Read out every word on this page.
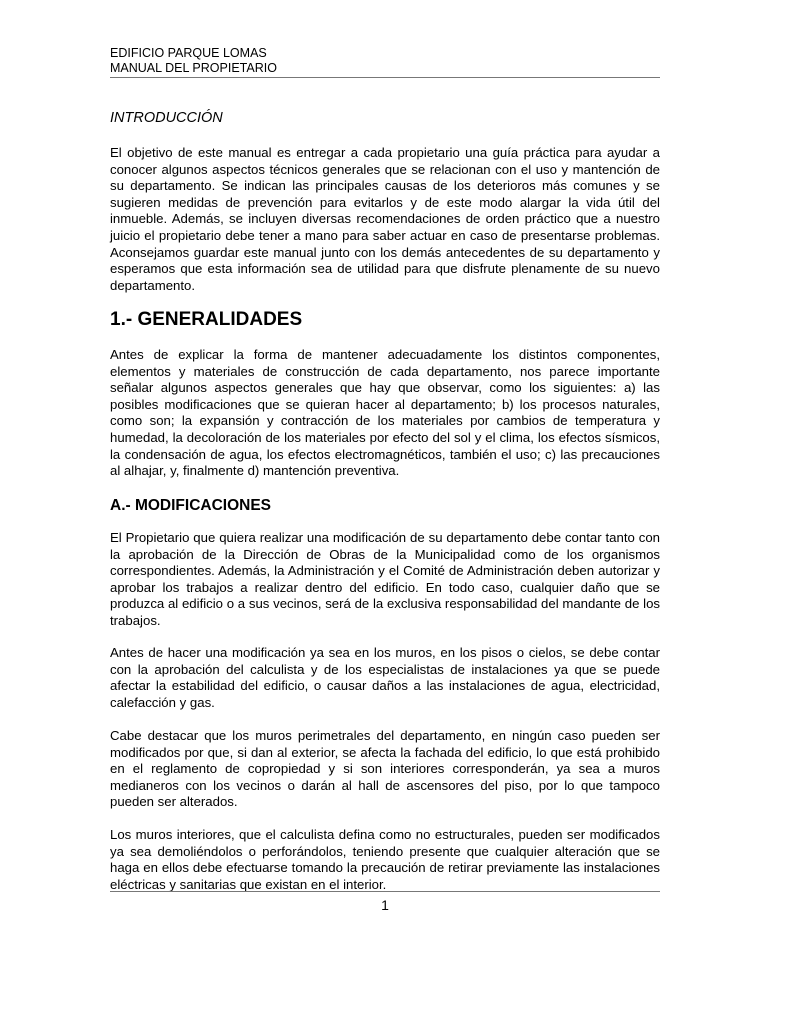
EDIFICIO PARQUE LOMAS
MANUAL DEL PROPIETARIO
INTRODUCCIÓN
El objetivo de este manual es entregar a cada propietario una guía práctica para ayudar a conocer algunos aspectos técnicos generales que se relacionan con el uso y mantención de su departamento. Se indican las principales causas de los deterioros más comunes y se sugieren medidas de prevención para evitarlos y de este modo alargar la vida útil del inmueble. Además, se incluyen diversas recomendaciones de orden práctico que a nuestro juicio el propietario debe tener a mano para saber actuar en caso de presentarse problemas. Aconsejamos guardar este manual junto con los demás antecedentes de su departamento y esperamos que esta información sea de utilidad para que disfrute plenamente de su nuevo departamento.
1.- GENERALIDADES
Antes de explicar la forma de mantener adecuadamente los distintos componentes, elementos y materiales de construcción de cada departamento, nos parece importante señalar algunos aspectos generales que hay que observar, como los siguientes: a) las posibles modificaciones que se quieran hacer al departamento; b) los procesos naturales, como son; la expansión y contracción de los materiales por cambios de temperatura y humedad, la decoloración de los materiales por efecto del sol y el clima, los efectos sísmicos, la condensación de agua, los efectos electromagnéticos, también el uso; c) las precauciones al alhajar, y, finalmente d) mantención preventiva.
A.- MODIFICACIONES
El Propietario que quiera realizar una modificación de su departamento debe contar tanto con la aprobación de la Dirección de Obras de la Municipalidad como de los organismos correspondientes. Además, la Administración y el Comité de Administración deben autorizar y aprobar los trabajos a realizar dentro del edificio. En todo caso, cualquier daño que se produzca al edificio o a sus vecinos, será de la exclusiva responsabilidad del mandante de los trabajos.
Antes de hacer una modificación ya sea en los muros, en los pisos o cielos, se debe contar con la aprobación del calculista y de los especialistas de instalaciones ya que se puede afectar la estabilidad del edificio, o causar daños a las instalaciones de agua, electricidad, calefacción y gas.
Cabe destacar que los muros perimetrales del departamento, en ningún caso pueden ser modificados por que, si dan al exterior, se afecta la fachada del edificio, lo que está prohibido en el reglamento de copropiedad y si son interiores corresponderán, ya sea a muros medianeros con los vecinos o darán al hall de ascensores del piso, por lo que tampoco pueden ser alterados.
Los muros interiores, que el calculista defina como no estructurales, pueden ser modificados ya sea demoliéndolos o perforándolos, teniendo presente que cualquier alteración que se haga en ellos debe efectuarse tomando la precaución de retirar previamente las instalaciones eléctricas y sanitarias que existan en el interior.
1
